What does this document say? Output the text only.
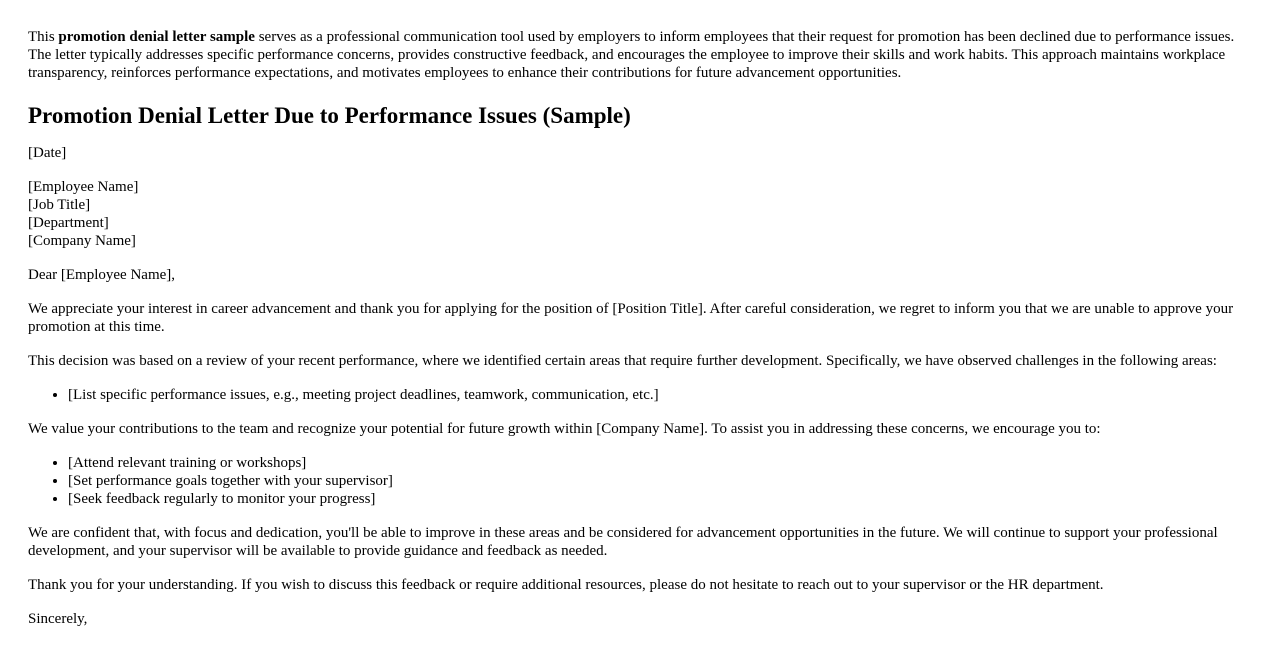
This promotion denial letter sample serves as a professional communication tool used by employers to inform employees that their request for promotion has been declined due to performance issues. The letter typically addresses specific performance concerns, provides constructive feedback, and encourages the employee to improve their skills and work habits. This approach maintains workplace transparency, reinforces performance expectations, and motivates employees to enhance their contributions for future advancement opportunities.

Promotion Denial Letter Due to Performance Issues (Sample)

[Date]

[Employee Name]
[Job Title]
[Department]
[Company Name]

Dear [Employee Name],

We appreciate your interest in career advancement and thank you for applying for the position of [Position Title]. After careful consideration, we regret to inform you that we are unable to approve your promotion at this time.

This decision was based on a review of your recent performance, where we identified certain areas that require further development. Specifically, we have observed challenges in the following areas:

• [List specific performance issues, e.g., meeting project deadlines, teamwork, communication, etc.]

We value your contributions to the team and recognize your potential for future growth within [Company Name]. To assist you in addressing these concerns, we encourage you to:

• [Attend relevant training or workshops]
• [Set performance goals together with your supervisor]
• [Seek feedback regularly to monitor your progress]

We are confident that, with focus and dedication, you'll be able to improve in these areas and be considered for advancement opportunities in the future. We will continue to support your professional development, and your supervisor will be available to provide guidance and feedback as needed.

Thank you for your understanding. If you wish to discuss this feedback or require additional resources, please do not hesitate to reach out to your supervisor or the HR department.

Sincerely,
